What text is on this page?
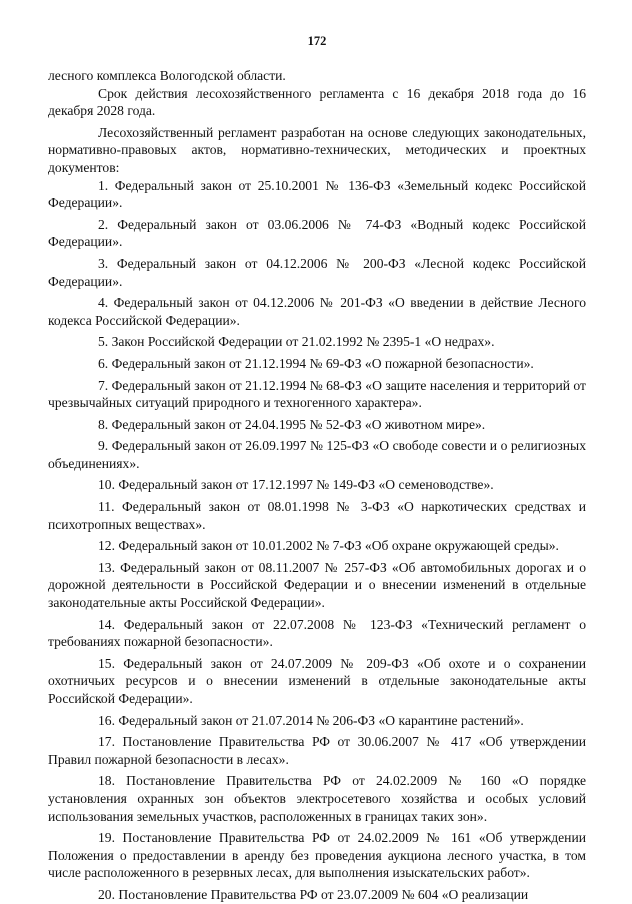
172

лесного комплекса Вологодской области.

Срок действия лесохозяйственного регламента с 16 декабря 2018 года до 16 декабря 2028 года.

Лесохозяйственный регламент разработан на основе следующих законодательных, нормативно-правовых актов, нормативно-технических, методических и проектных документов:

1. Федеральный закон от 25.10.2001 № 136-ФЗ «Земельный кодекс Российской Федерации».

2. Федеральный закон от 03.06.2006 № 74-ФЗ «Водный кодекс Российской Федерации».

3. Федеральный закон от 04.12.2006 № 200-ФЗ «Лесной кодекс Российской Федерации».

4. Федеральный закон от 04.12.2006 № 201-ФЗ «О введении в действие Лесного кодекса Российской Федерации».

5. Закон Российской Федерации от 21.02.1992 № 2395-1 «О недрах».

6. Федеральный закон от 21.12.1994 № 69-ФЗ «О пожарной безопасности».

7. Федеральный закон от 21.12.1994 № 68-ФЗ «О защите населения и территорий от чрезвычайных ситуаций природного и техногенного характера».

8. Федеральный закон от 24.04.1995 № 52-ФЗ «О животном мире».

9. Федеральный закон от 26.09.1997 № 125-ФЗ «О свободе совести и о религиозных объединениях».

10. Федеральный закон от 17.12.1997 № 149-ФЗ «О семеноводстве».

11. Федеральный закон от 08.01.1998 № 3-ФЗ «О наркотических средствах и психотропных веществах».

12. Федеральный закон от 10.01.2002 № 7-ФЗ «Об охране окружающей среды».

13. Федеральный закон от 08.11.2007 № 257-ФЗ «Об автомобильных дорогах и о дорожной деятельности в Российской Федерации и о внесении изменений в отдельные законодательные акты Российской Федерации».

14. Федеральный закон от 22.07.2008 № 123-ФЗ «Технический регламент о требованиях пожарной безопасности».

15. Федеральный закон от 24.07.2009 № 209-ФЗ «Об охоте и о сохранении охотничьих ресурсов и о внесении изменений в отдельные законодательные акты Российской Федерации».

16. Федеральный закон от 21.07.2014 № 206-ФЗ «О карантине растений».

17. Постановление Правительства РФ от 30.06.2007 № 417 «Об утверждении Правил пожарной безопасности в лесах».

18. Постановление Правительства РФ от 24.02.2009 № 160 «О порядке установления охранных зон объектов электросетевого хозяйства и особых условий использования земельных участков, расположенных в границах таких зон».

19. Постановление Правительства РФ от 24.02.2009 № 161 «Об утверждении Положения о предоставлении в аренду без проведения аукциона лесного участка, в том числе расположенного в резервных лесах, для выполнения изыскательских работ».

20. Постановление Правительства РФ от 23.07.2009 № 604 «О реализации
